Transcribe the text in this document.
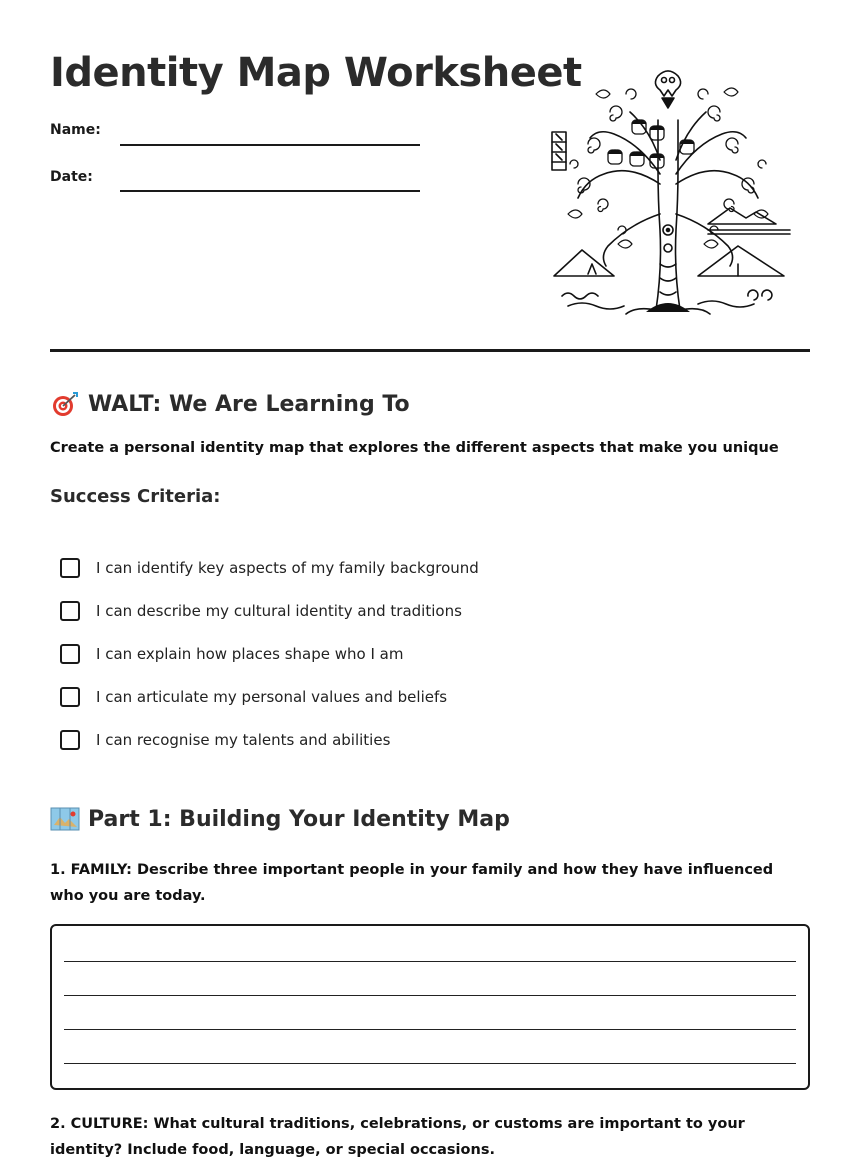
Identity Map Worksheet
Name:
Date:
WALT: We Are Learning To
Create a personal identity map that explores the different aspects that make you unique
Success Criteria:
I can identify key aspects of my family background
I can describe my cultural identity and traditions
I can explain how places shape who I am
I can articulate my personal values and beliefs
I can recognise my talents and abilities
Part 1: Building Your Identity Map
1. FAMILY: Describe three important people in your family and how they have influenced who you are today.
2. CULTURE: What cultural traditions, celebrations, or customs are important to your identity? Include food, language, or special occasions.
